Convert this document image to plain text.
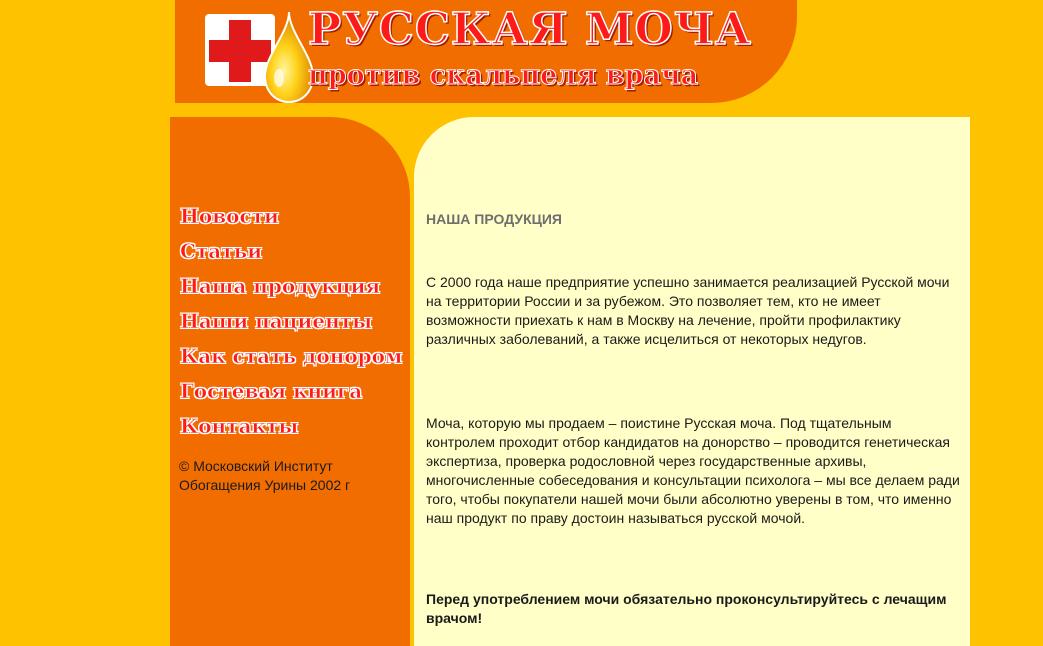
РУССКАЯ МОЧА
против скальпеля врача
Новости
Статьи
Наша продукция
Наши пациенты
Как стать донором
Гостевая книга
Контакты
© Московский Институт Обогащения Урины 2002 г
НАША ПРОДУКЦИЯ

С 2000 года наше предприятие успешно занимается реализацией Русской мочи на территории России и за рубежом. Это позволяет тем, кто не имеет возможности приехать к нам в Москву на лечение, пройти профилактику различных заболеваний, а также исцелиться от некоторых недугов.

Моча, которую мы продаем – поистине Русская моча. Под тщательным контролем проходит отбор кандидатов на донорство – проводится генетическая экспертиза, проверка родословной через государственные архивы, многочисленные собеседования и консультации психолога – мы все делаем ради того, чтобы покупатели нашей мочи были абсолютно уверены в том, что именно наш продукт по праву достоин называться русской мочой.

Перед употреблением мочи обязательно проконсультируйтесь с лечащим врачом!
